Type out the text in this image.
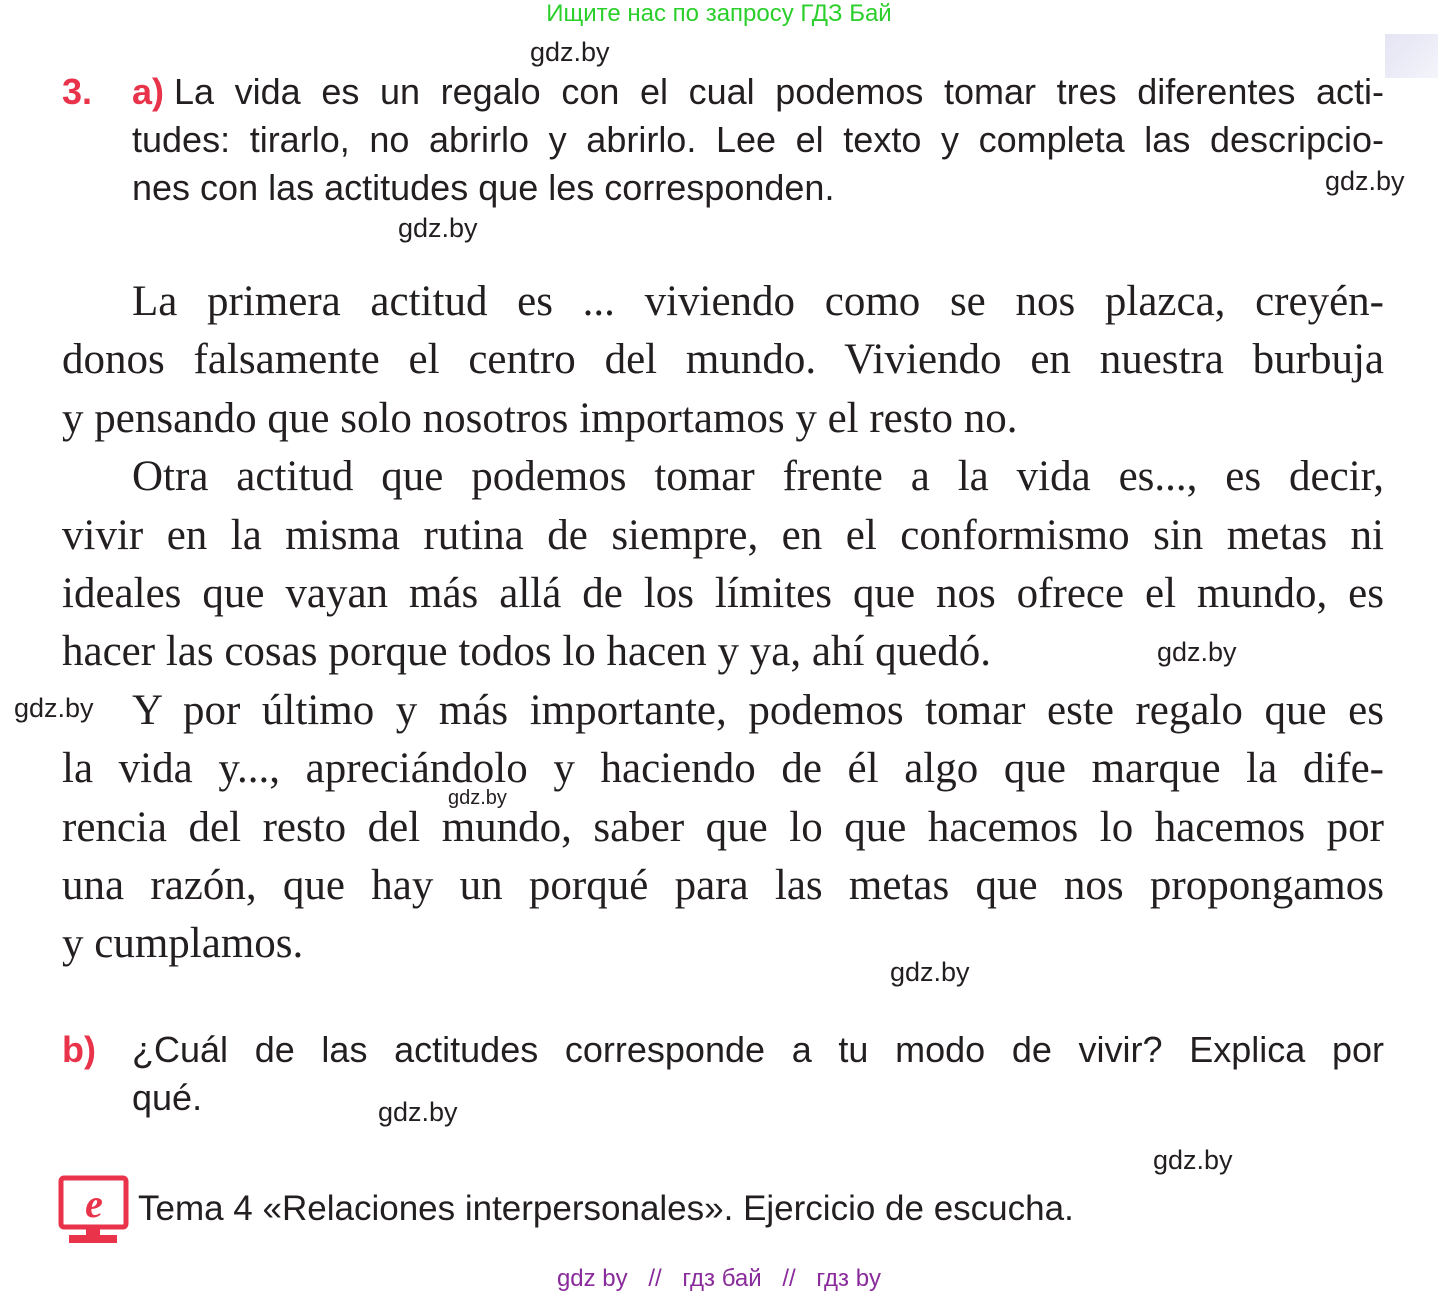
Ищите нас по запросу ГДЗ Бай
gdz.by
gdz.by
gdz.by
gdz.by
gdz.by
gdz.by
gdz.by
gdz.by
gdz.by
3. a) La vida es un regalo con el cual podemos tomar tres diferentes acti-
tudes: tirarlo, no abrirlo y abrirlo. Lee el texto y completa las descripcio-
nes con las actitudes que les corresponden.
La primera actitud es ... viviendo como se nos plazca, creyén-
donos falsamente el centro del mundo. Viviendo en nuestra burbuja
y pensando que solo nosotros importamos y el resto no.
Otra actitud que podemos tomar frente a la vida es..., es decir,
vivir en la misma rutina de siempre, en el conformismo sin metas ni
ideales que vayan más allá de los límites que nos ofrece el mundo, es
hacer las cosas porque todos lo hacen y ya, ahí quedó.
Y por último y más importante, podemos tomar este regalo que es
la vida y..., apreciándolo y haciendo de él algo que marque la dife-
rencia del resto del mundo, saber que lo que hacemos lo hacemos por
una razón, que hay un porqué para las metas que nos propongamos
y cumplamos.
b) ¿Cuál de las actitudes corresponde a tu modo de vivir? Explica por
qué.
e Tema 4 «Relaciones interpersonales». Ejercicio de escucha.
gdz by // гдз бай // гдз by
